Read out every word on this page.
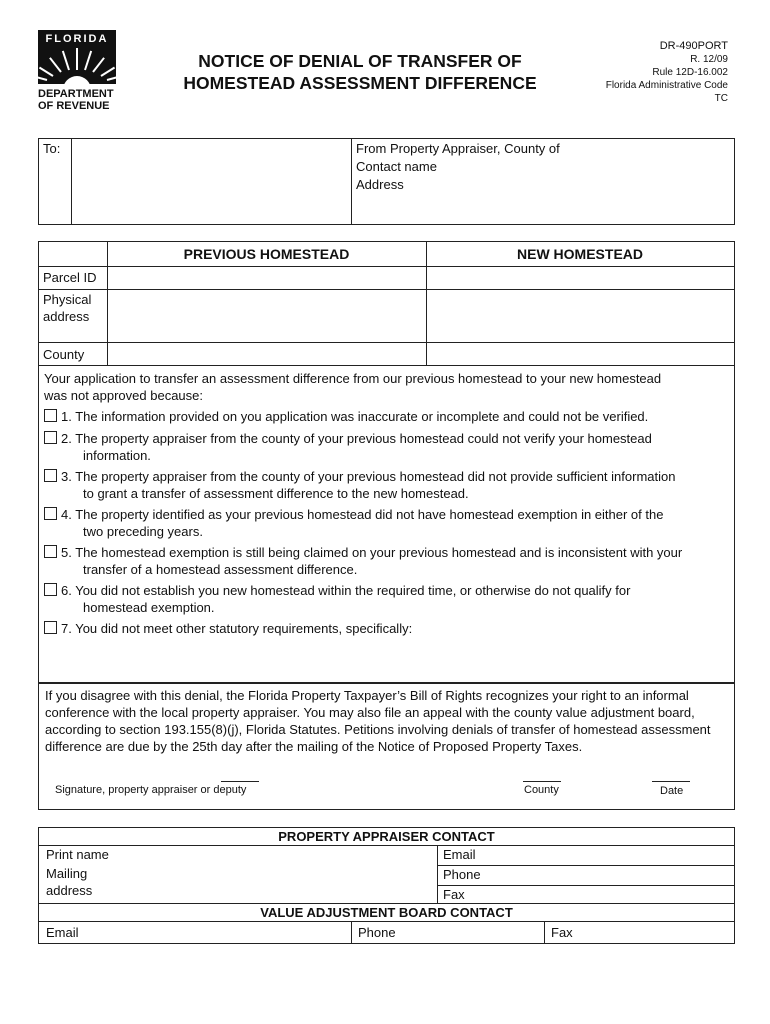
FLORIDA
DEPARTMENT
OF REVENUE
NOTICE OF DENIAL OF TRANSFER OF
HOMESTEAD ASSESSMENT DIFFERENCE
DR-490PORT
R. 12/09
Rule 12D-16.002
Florida Administrative Code
TC
To:	From Property Appraiser, County of
Contact name
Address
PREVIOUS HOMESTEAD	NEW HOMESTEAD
Parcel ID
Physical
address
County
Your application to transfer an assessment difference from our previous homestead to your new homestead
was not approved because:
1. The information provided on you application was inaccurate or incomplete and could not be verified.
2. The property appraiser from the county of your previous homestead could not verify your homestead
information.
3. The property appraiser from the county of your previous homestead did not provide sufficient information
to grant a transfer of assessment difference to the new homestead.
4. The property identified as your previous homestead did not have homestead exemption in either of the
two preceding years.
5. The homestead exemption is still being claimed on your previous homestead and is inconsistent with your
transfer of a homestead assessment difference.
6. You did not establish you new homestead within the required time, or otherwise do not qualify for
homestead exemption.
7. You did not meet other statutory requirements, specifically:
If you disagree with this denial, the Florida Property Taxpayer’s Bill of Rights recognizes your right to an informal
conference with the local property appraiser. You may also file an appeal with the county value adjustment board,
according to section 193.155(8)(j), Florida Statutes. Petitions involving denials of transfer of homestead assessment
difference are due by the 25th day after the mailing of the Notice of Proposed Property Taxes.
Signature, property appraiser or deputy	County	Date
PROPERTY APPRAISER CONTACT
Print name	Email
Mailing
address
Phone
Fax
VALUE ADJUSTMENT BOARD CONTACT
Email	Phone	Fax
